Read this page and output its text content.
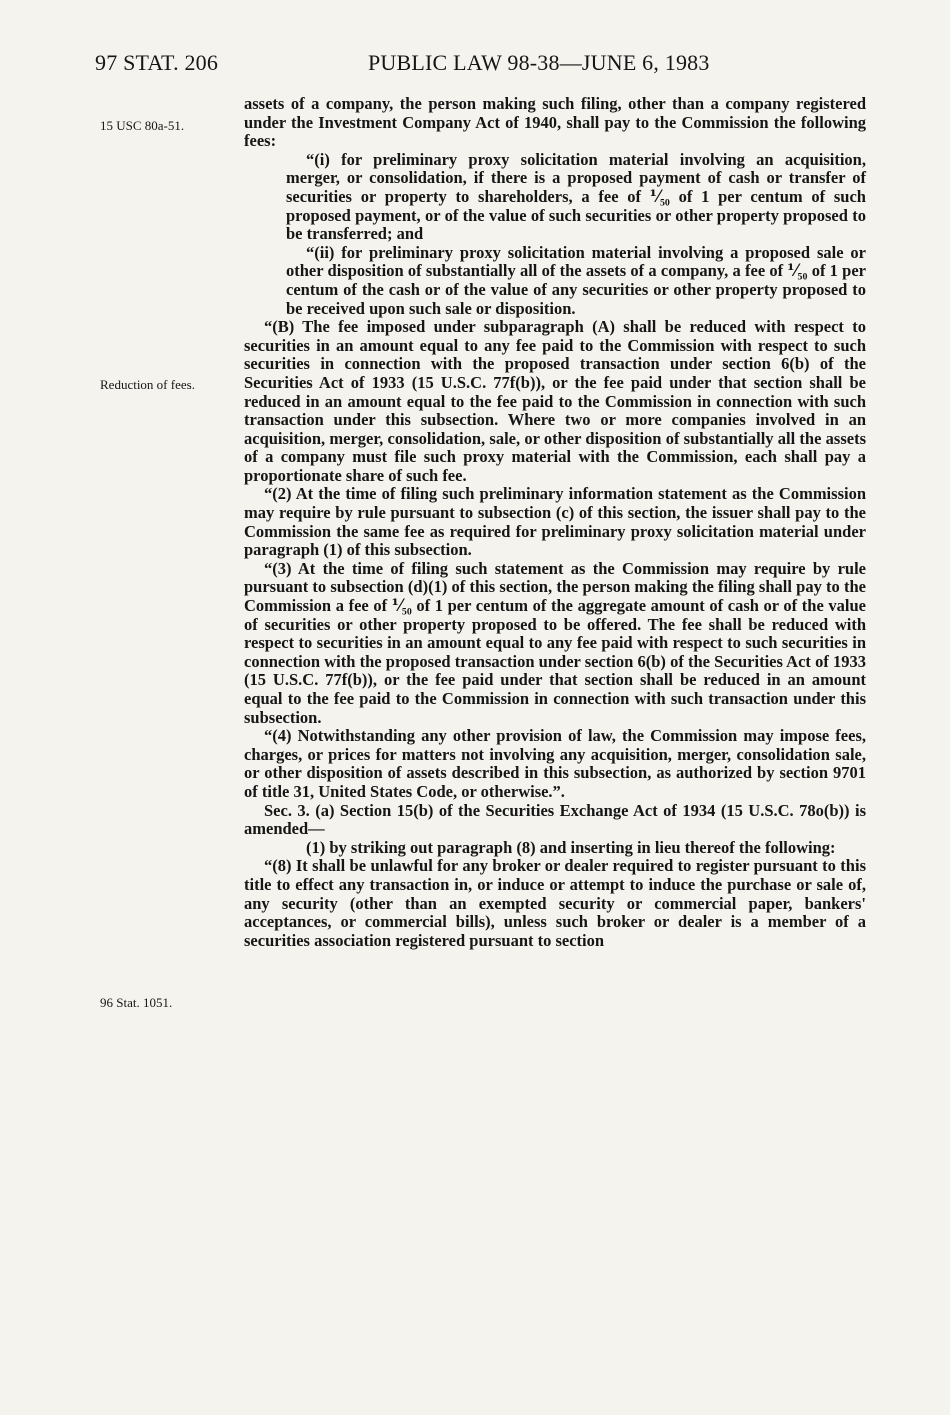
97 STAT. 206	PUBLIC LAW 98-38—JUNE 6, 1983
15 USC 80a-51.
Reduction of fees.
96 Stat. 1051.

assets of a company, the person making such filing, other than a company registered under the Investment Company Act of 1940, shall pay to the Commission the following fees:

“(i) for preliminary proxy solicitation material involving an acquisition, merger, or consolidation, if there is a proposed payment of cash or transfer of securities or property to shareholders, a fee of ⅟₅₀ of 1 per centum of such proposed payment, or of the value of such securities or other property proposed to be transferred; and

“(ii) for preliminary proxy solicitation material involving a proposed sale or other disposition of substantially all of the assets of a company, a fee of ⅟₅₀ of 1 per centum of the cash or of the value of any securities or other property proposed to be received upon such sale or disposition.

“(B) The fee imposed under subparagraph (A) shall be reduced with respect to securities in an amount equal to any fee paid to the Commission with respect to such securities in connection with the proposed transaction under section 6(b) of the Securities Act of 1933 (15 U.S.C. 77f(b)), or the fee paid under that section shall be reduced in an amount equal to the fee paid to the Commission in connection with such transaction under this subsection. Where two or more companies involved in an acquisition, merger, consolidation, sale, or other disposition of substantially all the assets of a company must file such proxy material with the Commission, each shall pay a proportionate share of such fee.

“(2) At the time of filing such preliminary information statement as the Commission may require by rule pursuant to subsection (c) of this section, the issuer shall pay to the Commission the same fee as required for preliminary proxy solicitation material under paragraph (1) of this subsection.

“(3) At the time of filing such statement as the Commission may require by rule pursuant to subsection (d)(1) of this section, the person making the filing shall pay to the Commission a fee of ⅟₅₀ of 1 per centum of the aggregate amount of cash or of the value of securities or other property proposed to be offered. The fee shall be reduced with respect to securities in an amount equal to any fee paid with respect to such securities in connection with the proposed transaction under section 6(b) of the Securities Act of 1933 (15 U.S.C. 77f(b)), or the fee paid under that section shall be reduced in an amount equal to the fee paid to the Commission in connection with such transaction under this subsection.

“(4) Notwithstanding any other provision of law, the Commission may impose fees, charges, or prices for matters not involving any acquisition, merger, consolidation sale, or other disposition of assets described in this subsection, as authorized by section 9701 of title 31, United States Code, or otherwise.”.

Sec. 3. (a) Section 15(b) of the Securities Exchange Act of 1934 (15 U.S.C. 78o(b)) is amended—

(1) by striking out paragraph (8) and inserting in lieu thereof the following:

“(8) It shall be unlawful for any broker or dealer required to register pursuant to this title to effect any transaction in, or induce or attempt to induce the purchase or sale of, any security (other than an exempted security or commercial paper, bankers' acceptances, or commercial bills), unless such broker or dealer is a member of a securities association registered pursuant to section
